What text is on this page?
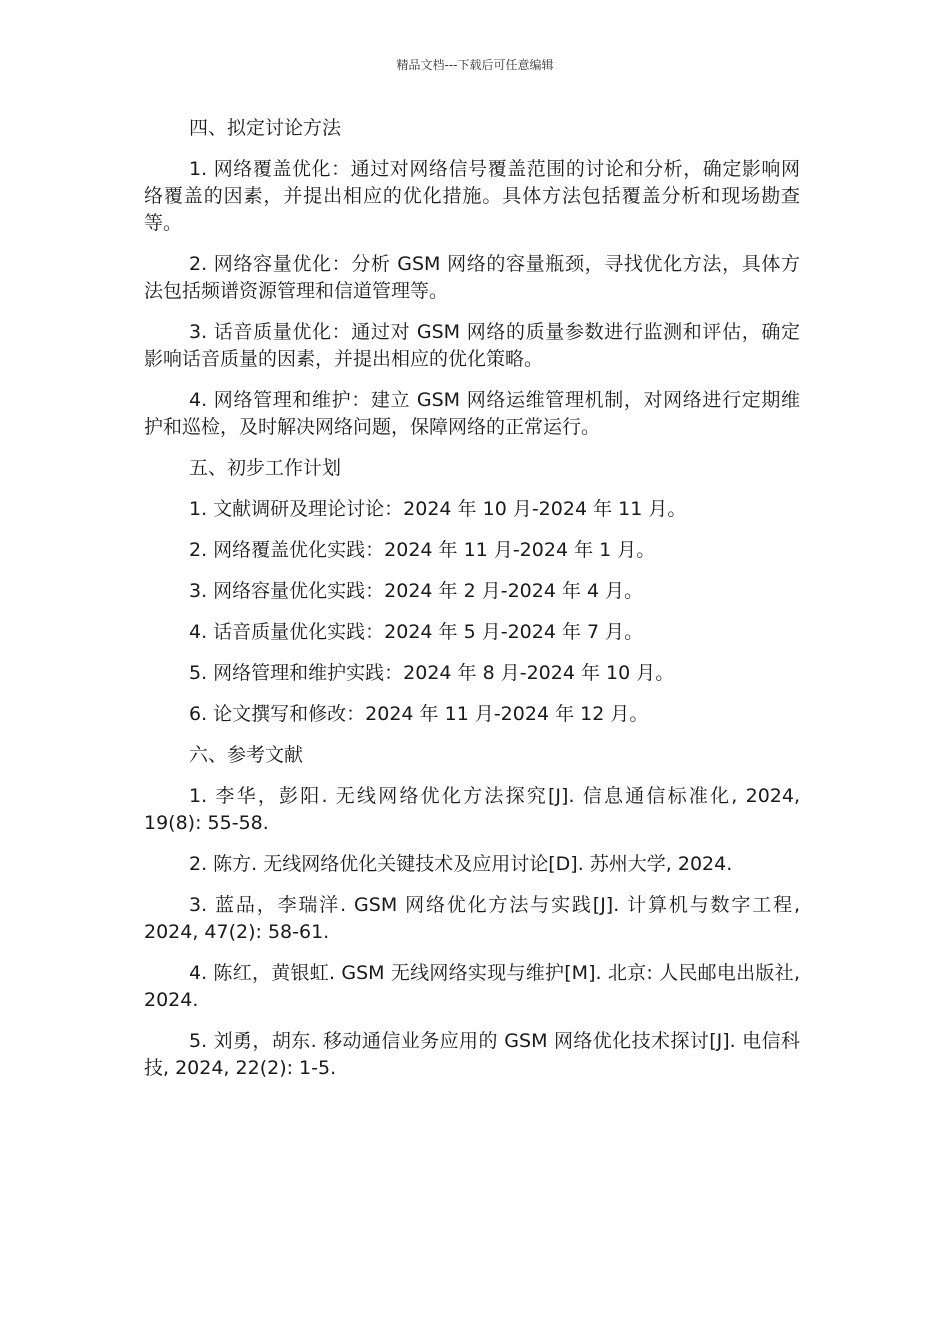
精品文档---下载后可任意编辑

四、拟定讨论方法

1. 网络覆盖优化：通过对网络信号覆盖范围的讨论和分析，确定影响网络覆盖的因素，并提出相应的优化措施。具体方法包括覆盖分析和现场勘查等。

2. 网络容量优化：分析 GSM 网络的容量瓶颈，寻找优化方法，具体方法包括频谱资源管理和信道管理等。

3. 话音质量优化：通过对 GSM 网络的质量参数进行监测和评估，确定影响话音质量的因素，并提出相应的优化策略。

4. 网络管理和维护：建立 GSM 网络运维管理机制，对网络进行定期维护和巡检，及时解决网络问题，保障网络的正常运行。

五、初步工作计划

1. 文献调研及理论讨论：2024 年 10 月-2024 年 11 月。

2. 网络覆盖优化实践：2024 年 11 月-2024 年 1 月。

3. 网络容量优化实践：2024 年 2 月-2024 年 4 月。

4. 话音质量优化实践：2024 年 5 月-2024 年 7 月。

5. 网络管理和维护实践：2024 年 8 月-2024 年 10 月。

6. 论文撰写和修改：2024 年 11 月-2024 年 12 月。

六、参考文献

1. 李华，彭阳. 无线网络优化方法探究[J]. 信息通信标准化, 2024, 19(8): 55-58.

2. 陈方. 无线网络优化关键技术及应用讨论[D]. 苏州大学, 2024.

3. 蓝品，李瑞洋. GSM 网络优化方法与实践[J]. 计算机与数字工程, 2024, 47(2): 58-61.

4. 陈红，黄银虹. GSM 无线网络实现与维护[M]. 北京: 人民邮电出版社, 2024.

5. 刘勇，胡东. 移动通信业务应用的 GSM 网络优化技术探讨[J]. 电信科技, 2024, 22(2): 1-5.
